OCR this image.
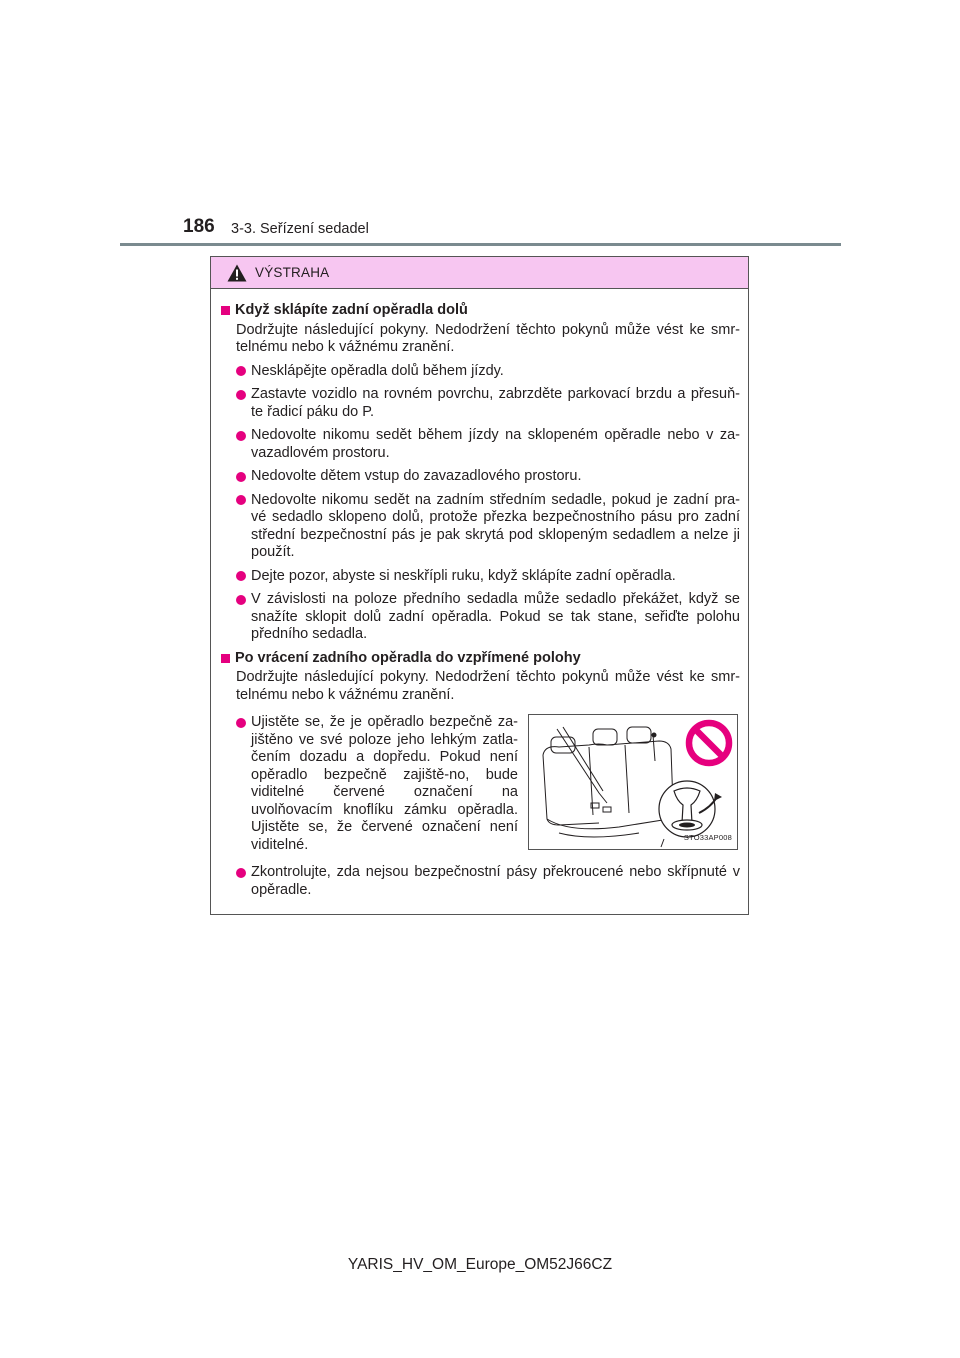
186 3-3. Seřízení sedadel
VÝSTRAHA
Když sklápíte zadní opěradla dolů
Dodržujte následující pokyny. Nedodržení těchto pokynů může vést ke smr-telnému nebo k vážnému zranění.
Nesklápějte opěradla dolů během jízdy.
Zastavte vozidlo na rovném povrchu, zabrzděte parkovací brzdu a přesuň-te řadicí páku do P.
Nedovolte nikomu sedět během jízdy na sklopeném opěradle nebo v za-vazadlovém prostoru.
Nedovolte dětem vstup do zavazadlového prostoru.
Nedovolte nikomu sedět na zadním středním sedadle, pokud je zadní pra-vé sedadlo sklopeno dolů, protože přezka bezpečnostního pásu pro zadní střední bezpečnostní pás je pak skrytá pod sklopeným sedadlem a nelze ji použít.
Dejte pozor, abyste si neskřípli ruku, když sklápíte zadní opěradla.
V závislosti na poloze předního sedadla může sedadlo překážet, když se snažíte sklopit dolů zadní opěradla. Pokud se tak stane, seřiďte polohu předního sedadla.
Po vrácení zadního opěradla do vzpřímené polohy
Dodržujte následující pokyny. Nedodržení těchto pokynů může vést ke smr-telnému nebo k vážnému zranění.
Ujistěte se, že je opěradlo bezpečně za-jištěno ve své poloze jeho lehkým zatla-čením dozadu a dopředu. Pokud není opěradlo bezpečně zajiště-no, bude viditelné červené označení na uvolňovacím knoflíku zámku opěradla. Ujistěte se, že červené označení není viditelné.	STO33AP008
Zkontrolujte, zda nejsou bezpečnostní pásy překroucené nebo skřípnuté v opěradle.
YARIS_HV_OM_Europe_OM52J66CZ
